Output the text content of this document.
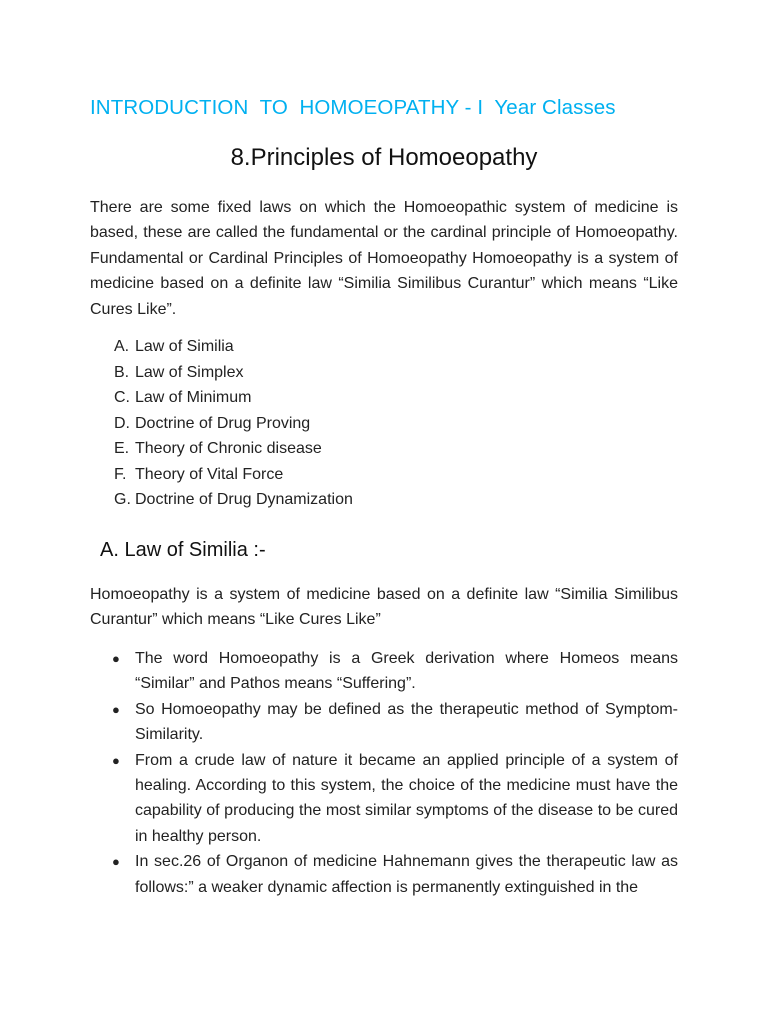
INTRODUCTION  TO  HOMOEOPATHY - I  Year Classes
8.Principles of Homoeopathy

There are some fixed laws on which the Homoeopathic system of medicine is based, these are called the fundamental or the cardinal principle of Homoeopathy. Fundamental or Cardinal Principles of Homoeopathy Homoeopathy is a system of medicine based on a definite law “Similia Similibus Curantur” which means “Like Cures Like”.

A. Law of Similia
B. Law of Simplex
C. Law of Minimum
D. Doctrine of Drug Proving
E. Theory of Chronic disease
F. Theory of Vital Force
G. Doctrine of Drug Dynamization
A. Law of Similia :-

Homoeopathy is a system of medicine based on a definite law “Similia Similibus Curantur” which means “Like Cures Like”

● The word Homoeopathy is a Greek derivation where Homeos means “Similar” and Pathos means “Suffering”.
● So Homoeopathy may be defined as the therapeutic method of Symptom-Similarity.
● From a crude law of nature it became an applied principle of a system of healing. According to this system, the choice of the medicine must have the capability of producing the most similar symptoms of the disease to be cured in healthy person.
● In sec.26 of Organon of medicine Hahnemann gives the therapeutic law as follows:” a weaker dynamic affection is permanently extinguished in the
